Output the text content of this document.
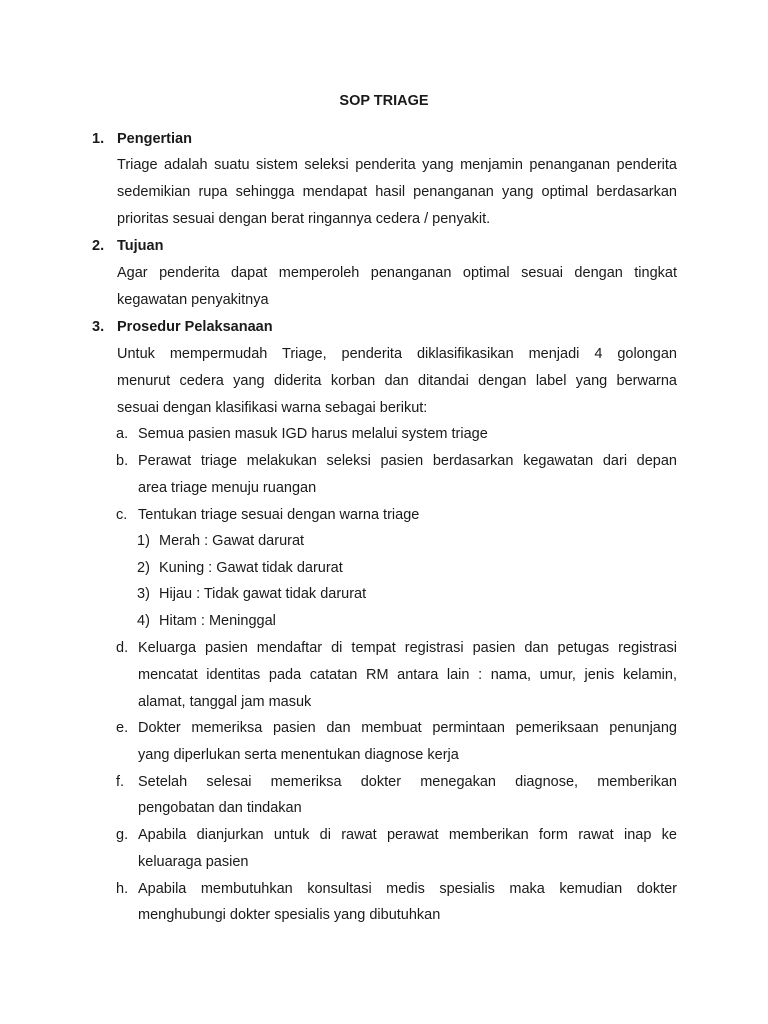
SOP TRIAGE
1. Pengertian
Triage adalah suatu sistem seleksi penderita yang menjamin penanganan penderita
sedemikian rupa sehingga mendapat hasil penanganan yang optimal berdasarkan
prioritas sesuai dengan berat ringannya cedera / penyakit.
2. Tujuan
Agar penderita dapat memperoleh penanganan optimal sesuai dengan tingkat
kegawatan penyakitnya
3. Prosedur Pelaksanaan
Untuk mempermudah Triage, penderita diklasifikasikan menjadi 4 golongan
menurut cedera yang diderita korban dan ditandai dengan label yang berwarna
sesuai dengan klasifikasi warna sebagai berikut:
a. Semua pasien masuk IGD harus melalui system triage
b. Perawat triage melakukan seleksi pasien berdasarkan kegawatan dari depan
area triage menuju ruangan
c. Tentukan triage sesuai dengan warna triage
1) Merah : Gawat darurat
2) Kuning : Gawat tidak darurat
3) Hijau : Tidak gawat tidak darurat
4) Hitam : Meninggal
d. Keluarga pasien mendaftar di tempat registrasi pasien dan petugas registrasi
mencatat identitas pada catatan RM antara lain : nama, umur, jenis kelamin,
alamat, tanggal jam masuk
e. Dokter memeriksa pasien dan membuat permintaan pemeriksaan penunjang
yang diperlukan serta menentukan diagnose kerja
f. Setelah selesai memeriksa dokter menegakan diagnose, memberikan
pengobatan dan tindakan
g. Apabila dianjurkan untuk di rawat perawat memberikan form rawat inap ke
keluaraga pasien
h. Apabila membutuhkan konsultasi medis spesialis maka kemudian dokter
menghubungi dokter spesialis yang dibutuhkan
